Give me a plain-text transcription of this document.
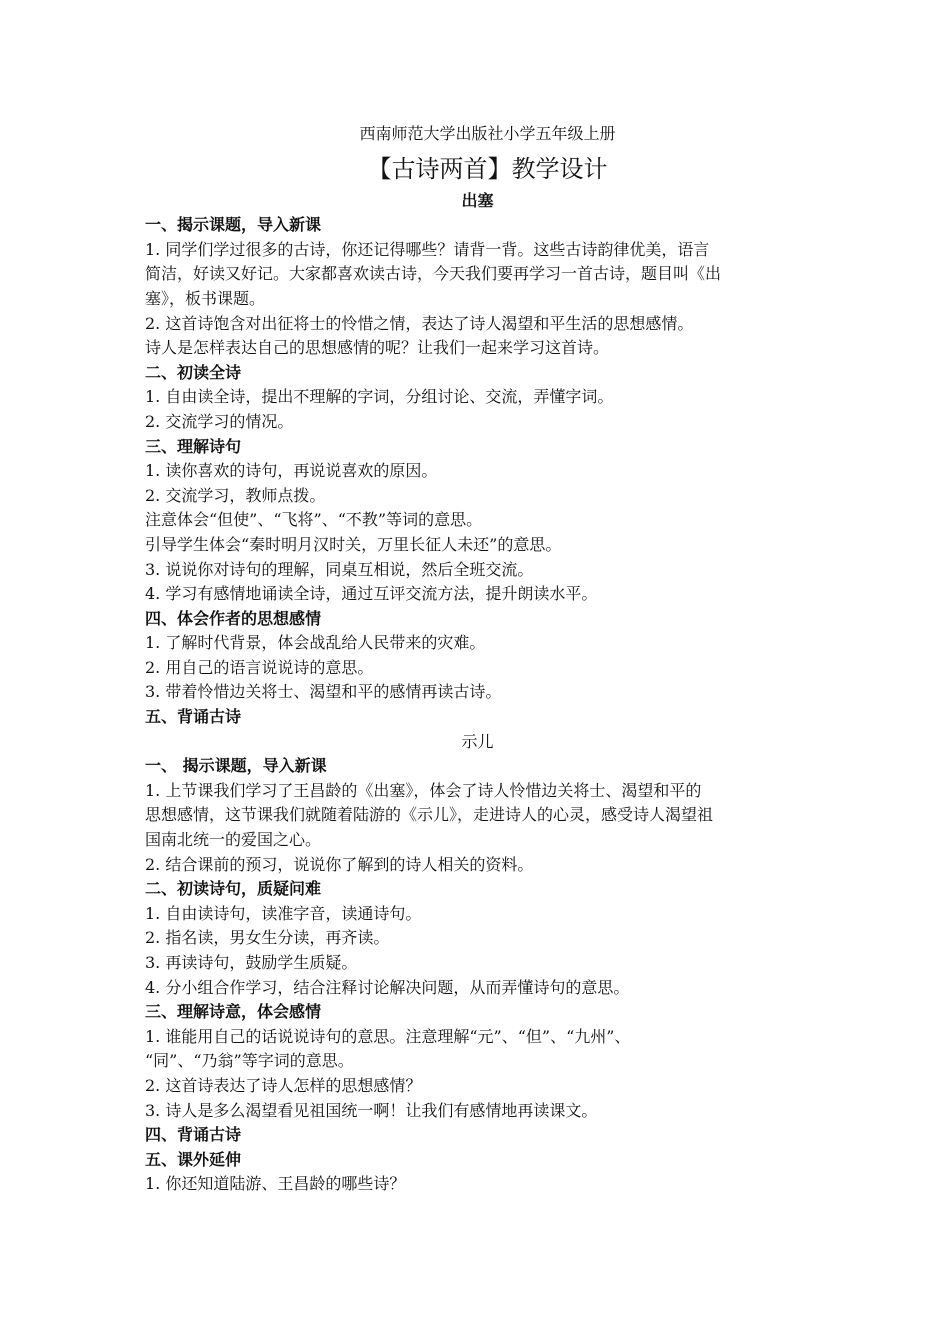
西南师范大学出版社小学五年级上册
【古诗两首】教学设计
出塞
一、揭示课题，导入新课
1. 同学们学过很多的古诗，你还记得哪些？请背一背。这些古诗韵律优美，语言
简洁，好读又好记。大家都喜欢读古诗，今天我们要再学习一首古诗，题目叫《出
塞》，板书课题。
2. 这首诗饱含对出征将士的怜惜之情，表达了诗人渴望和平生活的思想感情。
诗人是怎样表达自己的思想感情的呢？让我们一起来学习这首诗。
二、初读全诗
1. 自由读全诗，提出不理解的字词，分组讨论、交流，弄懂字词。
2. 交流学习的情况。
三、理解诗句
1. 读你喜欢的诗句，再说说喜欢的原因。
2. 交流学习，教师点拨。
注意体会“但使”、“飞将”、“不教”等词的意思。
引导学生体会“秦时明月汉时关，万里长征人未还”的意思。
3. 说说你对诗句的理解，同桌互相说，然后全班交流。
4. 学习有感情地诵读全诗，通过互评交流方法，提升朗读水平。
四、体会作者的思想感情
1. 了解时代背景，体会战乱给人民带来的灾难。
2. 用自己的语言说说诗的意思。
3. 带着怜惜边关将士、渴望和平的感情再读古诗。
五、背诵古诗
示儿
一、 揭示课题，导入新课
1. 上节课我们学习了王昌龄的《出塞》，体会了诗人怜惜边关将士、渴望和平的
思想感情，这节课我们就随着陆游的《示儿》，走进诗人的心灵，感受诗人渴望祖
国南北统一的爱国之心。
2. 结合课前的预习，说说你了解到的诗人相关的资料。
二、初读诗句，质疑问难
1. 自由读诗句，读准字音，读通诗句。
2. 指名读，男女生分读，再齐读。
3. 再读诗句，鼓励学生质疑。
4. 分小组合作学习，结合注释讨论解决问题，从而弄懂诗句的意思。
三、理解诗意，体会感情
1. 谁能用自己的话说说诗句的意思。注意理解“元”、“但”、“九州”、
“同”、“乃翁”等字词的意思。
2. 这首诗表达了诗人怎样的思想感情？
3. 诗人是多么渴望看见祖国统一啊！让我们有感情地再读课文。
四、背诵古诗
五、课外延伸
1. 你还知道陆游、王昌龄的哪些诗？
